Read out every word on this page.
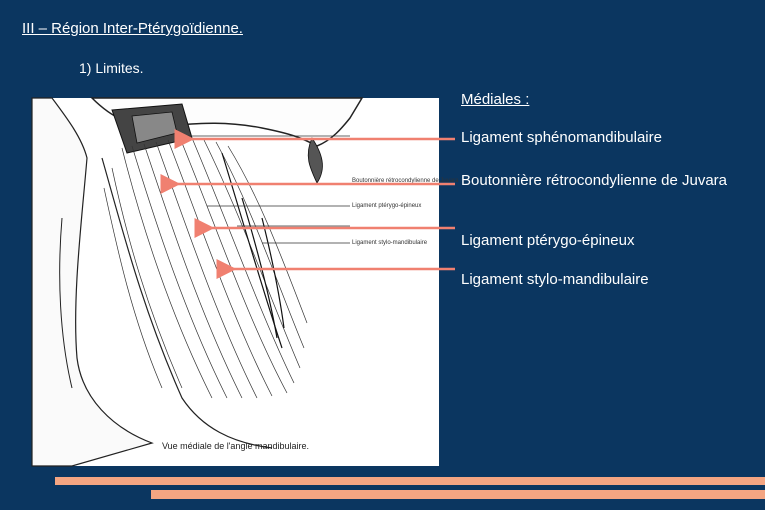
III – Région Inter-Ptérygoïdienne.
1) Limites.
Boutonnière rétrocondylienne de Juvara
Ligament ptérygo-épineux
Ligament stylo-mandibulaire
Vue médiale de l'angle mandibulaire.
Médiales :
Ligament sphénomandibulaire
Boutonnière rétrocondylienne de Juvara
Ligament ptérygo-épineux
Ligament stylo-mandibulaire
